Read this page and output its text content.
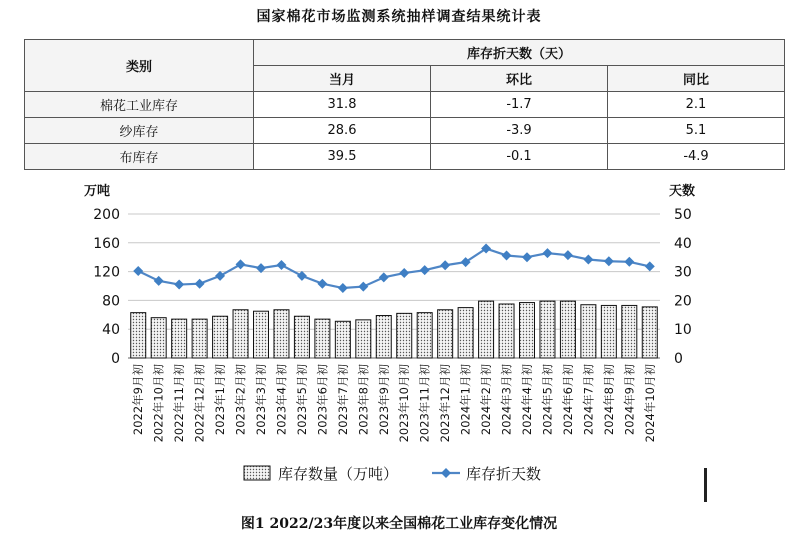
国家棉花市场监测系统抽样调查结果统计表
类别	库存折天数（天）		
	当月	环比	同比
棉花工业库存	31.8	-1.7	2.1
纱库存	28.6	-3.9	5.1
布库存	39.5	-0.1	-4.9
万吨	天数
0
40
80
120
160
200
0
10
20
30
40
50
2022年9月初 2022年10月初 2022年11月初 2022年12月初 2023年1月初 2023年2月初 2023年3月初 2023年4月初 2023年5月初 2023年6月初 2023年7月初 2023年8月初 2023年9月初 2023年10月初 2023年11月初 2023年12月初 2024年1月初 2024年2月初 2024年3月初 2024年4月初 2024年5月初 2024年6月初 2024年7月初 2024年8月初 2024年9月初 2024年10月初
库存数量（万吨）	库存折天数
图1 2022/23年度以来全国棉花工业库存变化情况
